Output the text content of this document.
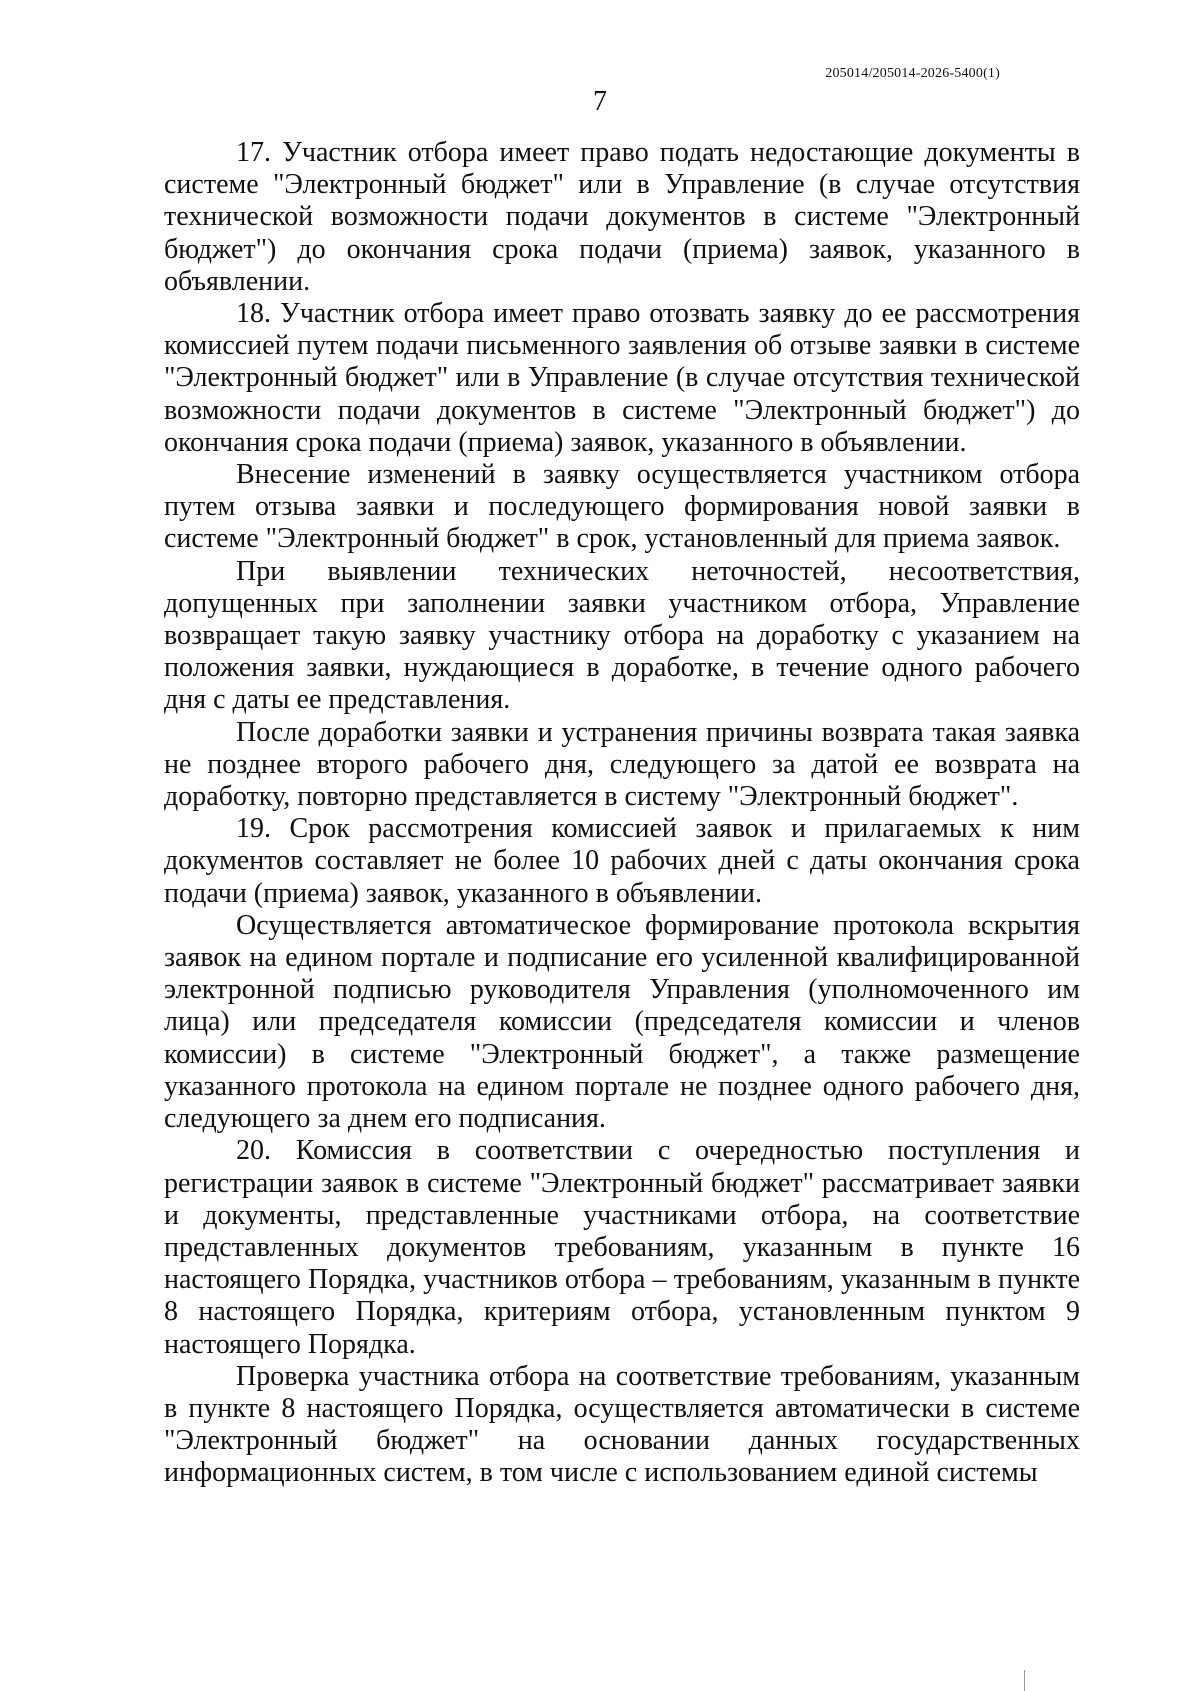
205014/205014-2026-5400(1)
7

17. Участник отбора имеет право подать недостающие документы в системе "Электронный бюджет" или в Управление (в случае отсутствия технической возможности подачи документов в системе "Электронный бюджет") до окончания срока подачи (приема) заявок, указанного в объявлении.

18. Участник отбора имеет право отозвать заявку до ее рассмотрения комиссией путем подачи письменного заявления об отзыве заявки в системе "Электронный бюджет" или в Управление (в случае отсутствия технической возможности подачи документов в системе "Электронный бюджет") до окончания срока подачи (приема) заявок, указанного в объявлении.

Внесение изменений в заявку осуществляется участником отбора путем отзыва заявки и последующего формирования новой заявки в системе "Электронный бюджет" в срок, установленный для приема заявок.

При выявлении технических неточностей, несоответствия, допущенных при заполнении заявки участником отбора, Управление возвращает такую заявку участнику отбора на доработку с указанием на положения заявки, нуждающиеся в доработке, в течение одного рабочего дня с даты ее представления.

После доработки заявки и устранения причины возврата такая заявка не позднее второго рабочего дня, следующего за датой ее возврата на доработку, повторно представляется в систему "Электронный бюджет".

19. Срок рассмотрения комиссией заявок и прилагаемых к ним документов составляет не более 10 рабочих дней с даты окончания срока подачи (приема) заявок, указанного в объявлении.

Осуществляется автоматическое формирование протокола вскрытия заявок на едином портале и подписание его усиленной квалифицированной электронной подписью руководителя Управления (уполномоченного им лица) или председателя комиссии (председателя комиссии и членов комиссии) в системе "Электронный бюджет", а также размещение указанного протокола на едином портале не позднее одного рабочего дня, следующего за днем его подписания.

20. Комиссия в соответствии с очередностью поступления и регистрации заявок в системе "Электронный бюджет" рассматривает заявки и документы, представленные участниками отбора, на соответствие представленных документов требованиям, указанным в пункте 16 настоящего Порядка, участников отбора – требованиям, указанным в пункте 8 настоящего Порядка, критериям отбора, установленным пунктом 9 настоящего Порядка.

Проверка участника отбора на соответствие требованиям, указанным в пункте 8 настоящего Порядка, осуществляется автоматически в системе "Электронный бюджет" на основании данных государственных информационных систем, в том числе с использованием единой системы
